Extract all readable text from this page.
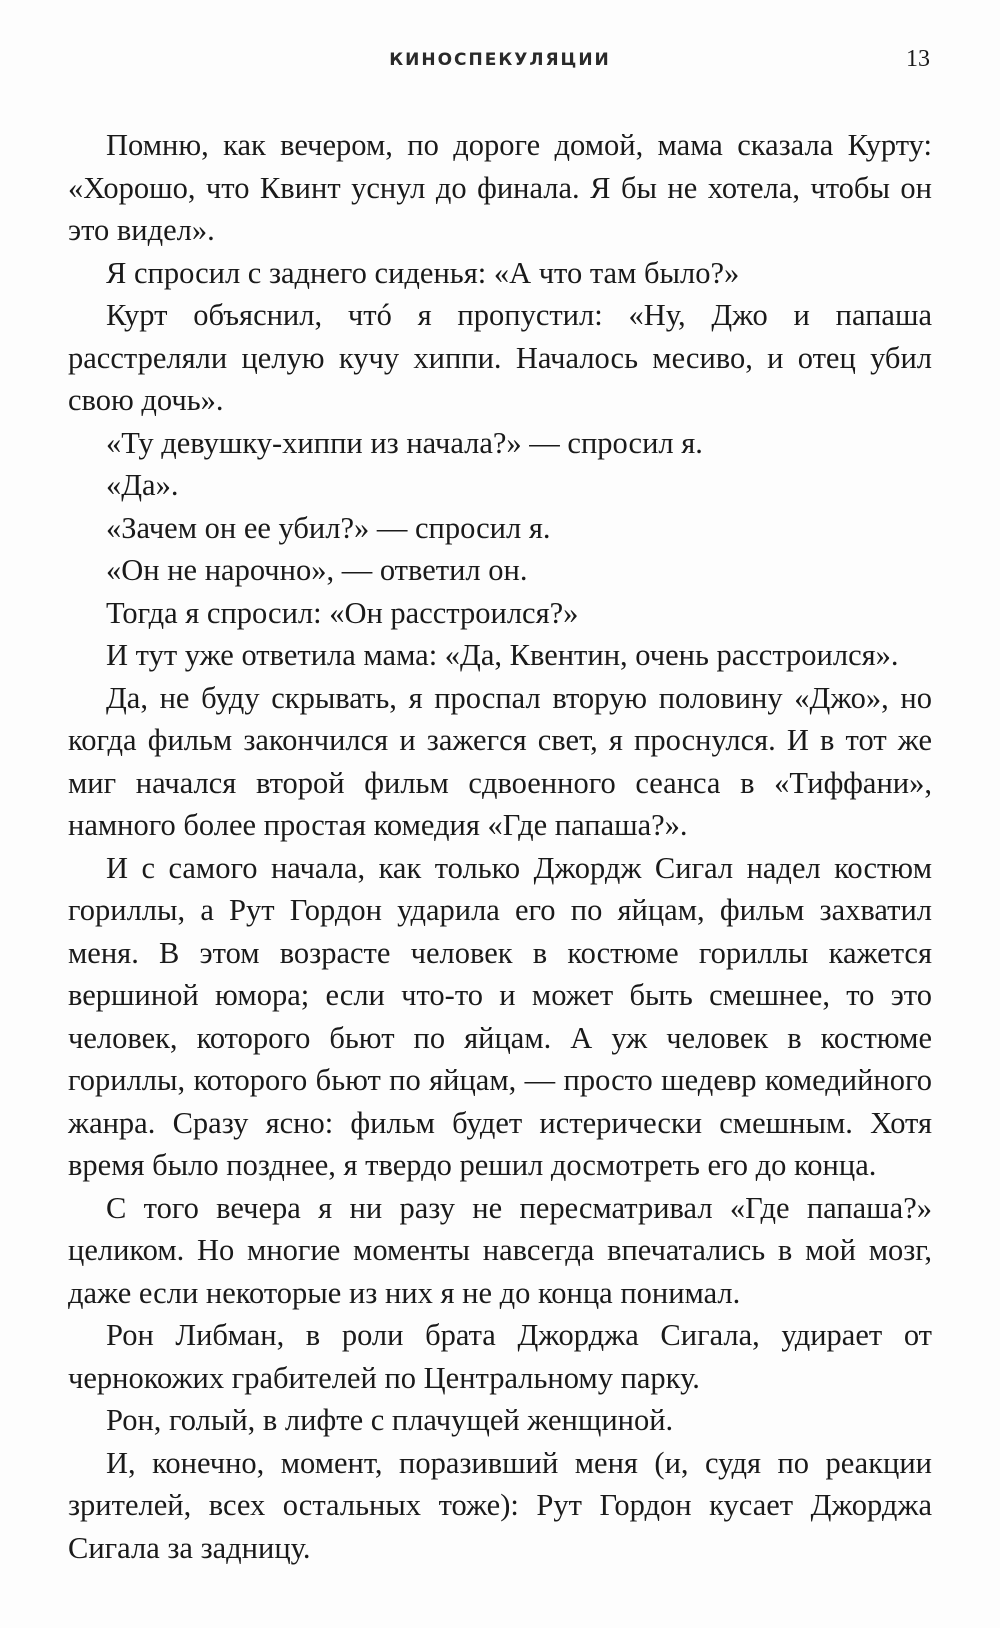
КИНОСПЕКУЛЯЦИИ	13

Помню, как вечером, по дороге домой, мама сказала Курту: «Хорошо, что Квинт уснул до финала. Я бы не хотела, чтобы он это видел».

Я спросил с заднего сиденья: «А что там было?»

Курт объяснил, чтó я пропустил: «Ну, Джо и папаша расстреляли целую кучу хиппи. Началось месиво, и отец убил свою дочь».

«Ту девушку-хиппи из начала?» — спросил я.

«Да».

«Зачем он ее убил?» — спросил я.

«Он не нарочно», — ответил он.

Тогда я спросил: «Он расстроился?»

И тут уже ответила мама: «Да, Квентин, очень расстроился».

Да, не буду скрывать, я проспал вторую половину «Джо», но когда фильм закончился и зажегся свет, я проснулся. И в тот же миг начался второй фильм сдвоенного сеанса в «Тиффани», намного более простая комедия «Где папаша?».

И с самого начала, как только Джордж Сигал надел костюм гориллы, а Рут Гордон ударила его по яйцам, фильм захватил меня. В этом возрасте человек в костюме гориллы кажется вершиной юмора; если что-то и может быть смешнее, то это человек, которого бьют по яйцам. А уж человек в костюме гориллы, которого бьют по яйцам, — просто шедевр комедийного жанра. Сразу ясно: фильм будет истерически смешным. Хотя время было позднее, я твердо решил досмотреть его до конца.

С того вечера я ни разу не пересматривал «Где папаша?» целиком. Но многие моменты навсегда впечатались в мой мозг, даже если некоторые из них я не до конца понимал.

Рон Либман, в роли брата Джорджа Сигала, удирает от чернокожих грабителей по Центральному парку.

Рон, голый, в лифте с плачущей женщиной.

И, конечно, момент, поразивший меня (и, судя по реакции зрителей, всех остальных тоже): Рут Гордон кусает Джорджа Сигала за задницу.
